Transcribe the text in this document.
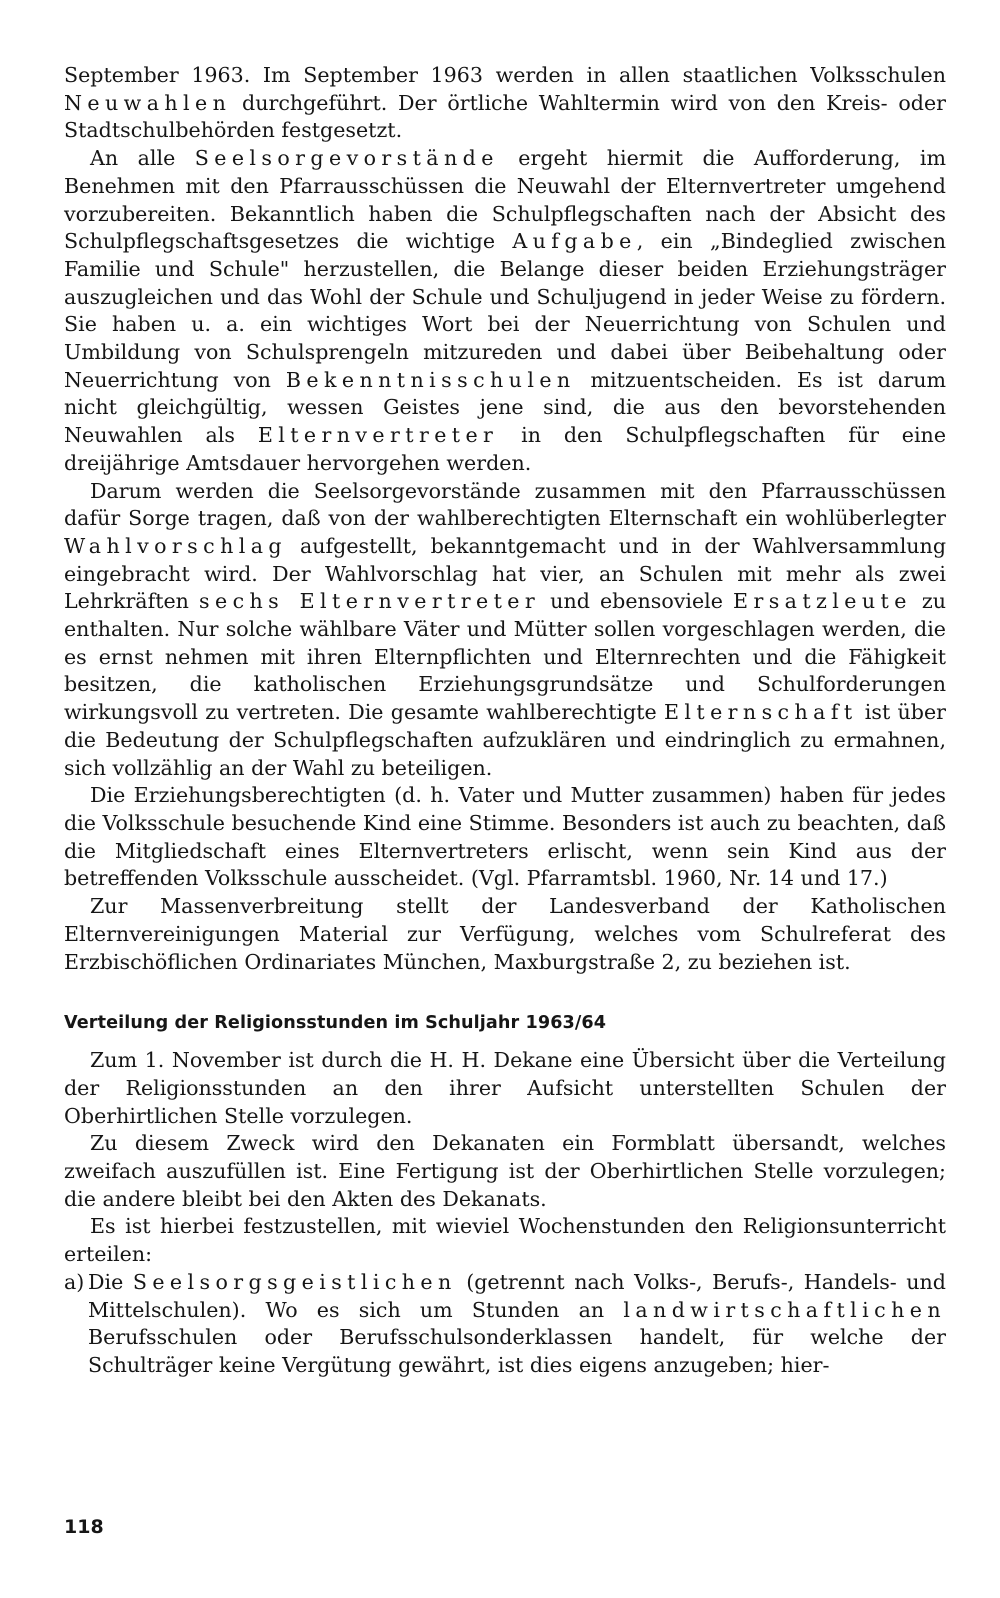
September 1963. Im September 1963 werden in allen staatlichen Volksschulen Neuwahlen durchgeführt. Der örtliche Wahltermin wird von den Kreis- oder Stadtschulbehörden festgesetzt.

An alle Seelsorgevorstände ergeht hiermit die Aufforderung, im Benehmen mit den Pfarrausschüssen die Neuwahl der Elternvertreter umgehend vorzubereiten. Bekanntlich haben die Schulpflegschaften nach der Absicht des Schulpflegschaftsgesetzes die wichtige Aufgabe, ein „Bindeglied zwischen Familie und Schule" herzustellen, die Belange dieser beiden Erziehungsträger auszugleichen und das Wohl der Schule und Schuljugend in jeder Weise zu fördern. Sie haben u. a. ein wichtiges Wort bei der Neuerrichtung von Schulen und Umbildung von Schulsprengeln mitzureden und dabei über Beibehaltung oder Neuerrichtung von Bekenntnisschulen mitzuentscheiden. Es ist darum nicht gleichgültig, wessen Geistes jene sind, die aus den bevorstehenden Neuwahlen als Elternvertreter in den Schulpflegschaften für eine dreijährige Amtsdauer hervorgehen werden.

Darum werden die Seelsorgevorstände zusammen mit den Pfarrausschüssen dafür Sorge tragen, daß von der wahlberechtigten Elternschaft ein wohlüberlegter Wahlvorschlag aufgestellt, bekanntgemacht und in der Wahlversammlung eingebracht wird. Der Wahlvorschlag hat vier, an Schulen mit mehr als zwei Lehrkräften sechs Elternvertreter und ebensoviele Ersatzleute zu enthalten. Nur solche wählbare Väter und Mütter sollen vorgeschlagen werden, die es ernst nehmen mit ihren Elternpflichten und Elternrechten und die Fähigkeit besitzen, die katholischen Erziehungsgrundsätze und Schulforderungen wirkungsvoll zu vertreten. Die gesamte wahlberechtigte Elternschaft ist über die Bedeutung der Schulpflegschaften aufzuklären und eindringlich zu ermahnen, sich vollzählig an der Wahl zu beteiligen.

Die Erziehungsberechtigten (d. h. Vater und Mutter zusammen) haben für jedes die Volksschule besuchende Kind eine Stimme. Besonders ist auch zu beachten, daß die Mitgliedschaft eines Elternvertreters erlischt, wenn sein Kind aus der betreffenden Volksschule ausscheidet. (Vgl. Pfarramtsbl. 1960, Nr. 14 und 17.)

Zur Massenverbreitung stellt der Landesverband der Katholischen Elternvereinigungen Material zur Verfügung, welches vom Schulreferat des Erzbischöflichen Ordinariates München, Maxburgstraße 2, zu beziehen ist.

Verteilung der Religionsstunden im Schuljahr 1963/64

Zum 1. November ist durch die H. H. Dekane eine Übersicht über die Verteilung der Religionsstunden an den ihrer Aufsicht unterstellten Schulen der Oberhirtlichen Stelle vorzulegen.

Zu diesem Zweck wird den Dekanaten ein Formblatt übersandt, welches zweifach auszufüllen ist. Eine Fertigung ist der Oberhirtlichen Stelle vorzulegen; die andere bleibt bei den Akten des Dekanats.

Es ist hierbei festzustellen, mit wieviel Wochenstunden den Religionsunterricht erteilen:

a) Die Seelsorgsgeistlichen (getrennt nach Volks-, Berufs-, Handels- und Mittelschulen). Wo es sich um Stunden an landwirtschaftlichen Berufsschulen oder Berufsschulsonderklassen handelt, für welche der Schulträger keine Vergütung gewährt, ist dies eigens anzugeben; hier-
118
